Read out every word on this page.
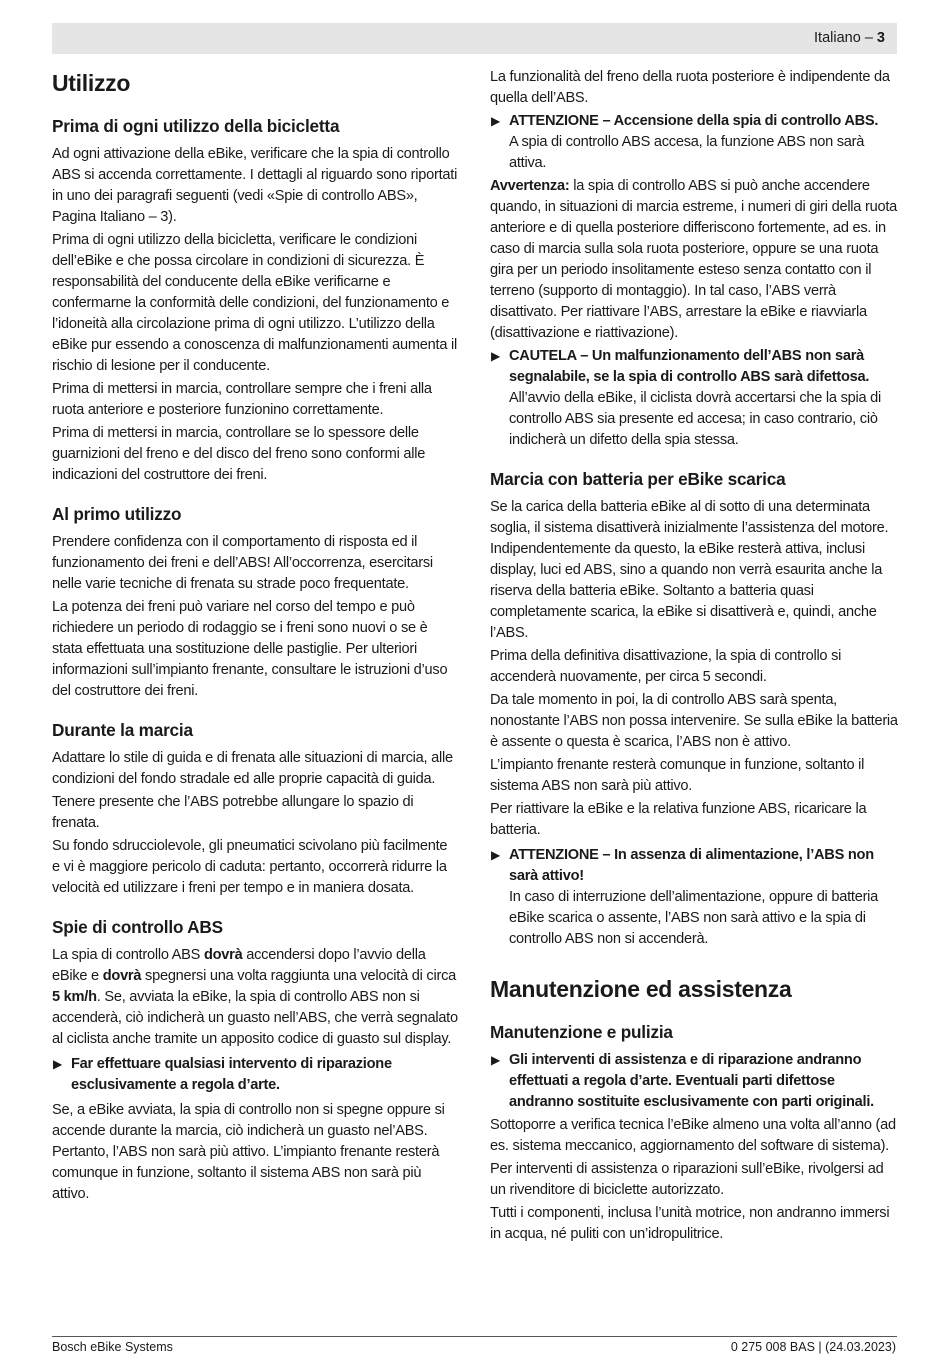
Italiano – 3
Utilizzo
Prima di ogni utilizzo della bicicletta

Ad ogni attivazione della eBike, verificare che la spia di controllo ABS si accenda correttamente. I dettagli al riguardo sono riportati in uno dei paragrafi seguenti (vedi «Spie di controllo ABS», Pagina Italiano – 3).

Prima di ogni utilizzo della bicicletta, verificare le condizioni dell’eBike e che possa circolare in condizioni di sicurezza. È responsabilità del conducente della eBike verificarne e confermarne la conformità delle condizioni, del funzionamento e l’idoneità alla circolazione prima di ogni utilizzo. L’utilizzo della eBike pur essendo a conoscenza di malfunzionamenti aumenta il rischio di lesione per il conducente.

Prima di mettersi in marcia, controllare sempre che i freni alla ruota anteriore e posteriore funzionino correttamente.

Prima di mettersi in marcia, controllare se lo spessore delle guarnizioni del freno e del disco del freno sono conformi alle indicazioni del costruttore dei freni.

Al primo utilizzo

Prendere confidenza con il comportamento di risposta ed il funzionamento dei freni e dell’ABS! All’occorrenza, esercitarsi nelle varie tecniche di frenata su strade poco frequentate.

La potenza dei freni può variare nel corso del tempo e può richiedere un periodo di rodaggio se i freni sono nuovi o se è stata effettuata una sostituzione delle pastiglie. Per ulteriori informazioni sull’impianto frenante, consultare le istruzioni d’uso del costruttore dei freni.

Durante la marcia

Adattare lo stile di guida e di frenata alle situazioni di marcia, alle condizioni del fondo stradale ed alle proprie capacità di guida.

Tenere presente che l’ABS potrebbe allungare lo spazio di frenata.

Su fondo sdrucciolevole, gli pneumatici scivolano più facilmente e vi è maggiore pericolo di caduta: pertanto, occorrerà ridurre la velocità ed utilizzare i freni per tempo e in maniera dosata.

Spie di controllo ABS

La spia di controllo ABS dovrà accendersi dopo l’avvio della eBike e dovrà spegnersi una volta raggiunta una velocità di circa 5 km/h. Se, avviata la eBike, la spia di controllo ABS non si accenderà, ciò indicherà un guasto nell’ABS, che verrà segnalato al ciclista anche tramite un apposito codice di guasto sul display.

▶ Far effettuare qualsiasi intervento di riparazione esclusivamente a regola d’arte.

Se, a eBike avviata, la spia di controllo non si spegne oppure si accende durante la marcia, ciò indicherà un guasto nel’ABS. Pertanto, l’ABS non sarà più attivo. L’impianto frenante resterà comunque in funzione, soltanto il sistema ABS non sarà più attivo.

La funzionalità del freno della ruota posteriore è indipendente da quella dell’ABS.

▶ ATTENZIONE – Accensione della spia di controllo ABS.
A spia di controllo ABS accesa, la funzione ABS non sarà attiva.

Avvertenza: la spia di controllo ABS si può anche accendere quando, in situazioni di marcia estreme, i numeri di giri della ruota anteriore e di quella posteriore differiscono fortemente, ad es. in caso di marcia sulla sola ruota posteriore, oppure se una ruota gira per un periodo insolitamente esteso senza contatto con il terreno (supporto di montaggio). In tal caso, l’ABS verrà disattivato. Per riattivare l’ABS, arrestare la eBike e riavviarla (disattivazione e riattivazione).

▶ CAUTELA – Un malfunzionamento dell’ABS non sarà segnalabile, se la spia di controllo ABS sarà difettosa.
All’avvio della eBike, il ciclista dovrà accertarsi che la spia di controllo ABS sia presente ed accesa; in caso contrario, ciò indicherà un difetto della spia stessa.
Marcia con batteria per eBike scarica

Se la carica della batteria eBike al di sotto di una determinata soglia, il sistema disattiverà inizialmente l’assistenza del motore. Indipendentemente da questo, la eBike resterà attiva, inclusi display, luci ed ABS, sino a quando non verrà esaurita anche la riserva della batteria eBike. Soltanto a batteria quasi completamente scarica, la eBike si disattiverà e, quindi, anche l’ABS.

Prima della definitiva disattivazione, la spia di controllo si accenderà nuovamente, per circa 5 secondi.

Da tale momento in poi, la di controllo ABS sarà spenta, nonostante l’ABS non possa intervenire. Se sulla eBike la batteria è assente o questa è scarica, l’ABS non è attivo.

L’impianto frenante resterà comunque in funzione, soltanto il sistema ABS non sarà più attivo.

Per riattivare la eBike e la relativa funzione ABS, ricaricare la batteria.

▶ ATTENZIONE – In assenza di alimentazione, l’ABS non sarà attivo!
In caso di interruzione dell’alimentazione, oppure di batteria eBike scarica o assente, l’ABS non sarà attivo e la spia di controllo ABS non si accenderà.
Manutenzione ed assistenza
Manutenzione e pulizia
▶ Gli interventi di assistenza e di riparazione andranno effettuati a regola d’arte. Eventuali parti difettose andranno sostituite esclusivamente con parti originali.

Sottoporre a verifica tecnica l’eBike almeno una volta all’anno (ad es. sistema meccanico, aggiornamento del software di sistema).

Per interventi di assistenza o riparazioni sull’eBike, rivolgersi ad un rivenditore di biciclette autorizzato.

Tutti i componenti, inclusa l’unità motrice, non andranno immersi in acqua, né puliti con un’idropulitrice.

Bosch eBike Systems	0 275 008 BAS | (24.03.2023)
